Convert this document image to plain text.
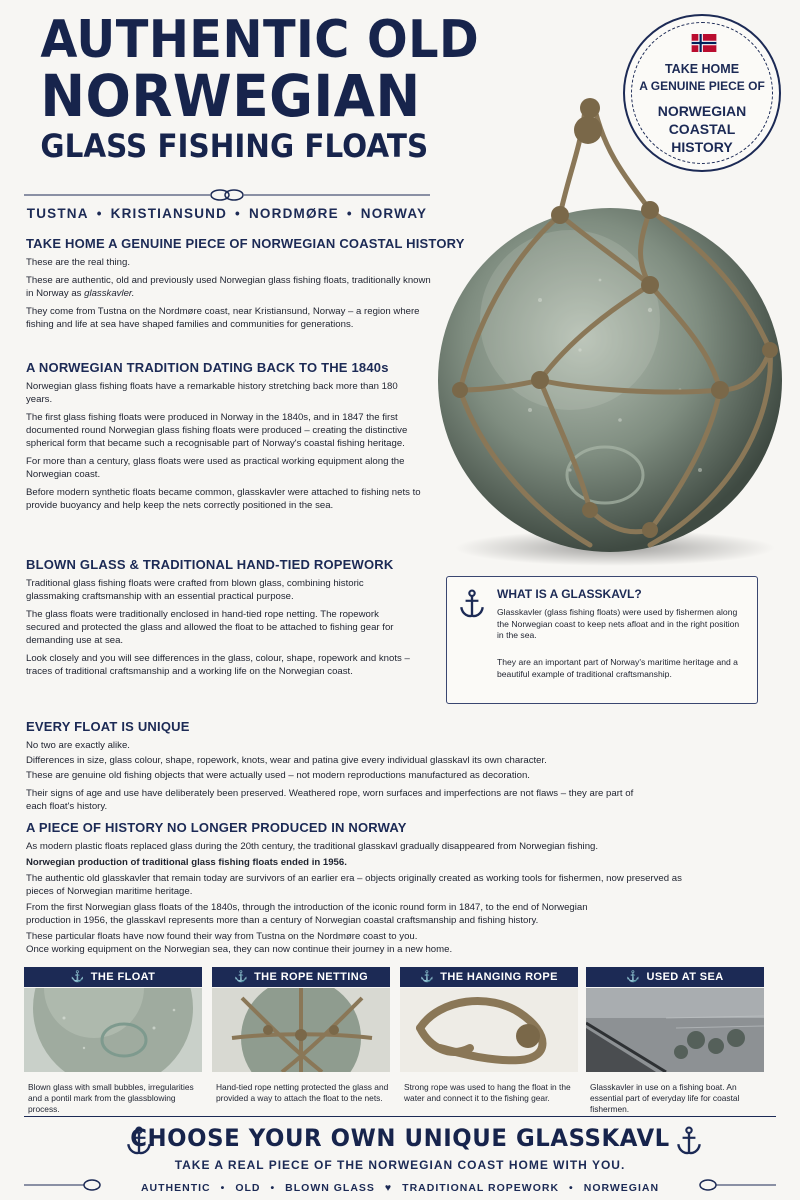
AUTHENTIC OLD
NORWEGIAN
GLASS FISHING FLOATS
TUSTNA • KRISTIANSUND • NORDMØRE • NORWAY
TAKE HOME
A GENUINE PIECE OF
NORWEGIAN
COASTAL
HISTORY
TAKE HOME A GENUINE PIECE OF NORWEGIAN COASTAL HISTORY
These are the real thing.
These are authentic, old and previously used Norwegian glass fishing floats, traditionally known in Norway as glasskavler.
They come from Tustna on the Nordmøre coast, near Kristiansund, Norway – a region where fishing and life at sea have shaped families and communities for generations.
A NORWEGIAN TRADITION DATING BACK TO THE 1840s
Norwegian glass fishing floats have a remarkable history stretching back more than 180 years.
The first glass fishing floats were produced in Norway in the 1840s, and in 1847 the first documented round Norwegian glass fishing floats were produced – creating the distinctive spherical form that became such a recognisable part of Norway's coastal fishing heritage.
For more than a century, glass floats were used as practical working equipment along the Norwegian coast.
Before modern synthetic floats became common, glasskavler were attached to fishing nets to provide buoyancy and help keep the nets correctly positioned in the sea.
BLOWN GLASS & TRADITIONAL HAND-TIED ROPEWORK
Traditional glass fishing floats were crafted from blown glass, combining historic glassmaking craftsmanship with an essential practical purpose.
The glass floats were traditionally enclosed in hand-tied rope netting. The ropework secured and protected the glass and allowed the float to be attached to fishing gear for demanding use at sea.
Look closely and you will see differences in the glass, colour, shape, ropework and knots – traces of traditional craftsmanship and a working life on the Norwegian coast.
WHAT IS A GLASSKAVL?
Glasskavler (glass fishing floats) were used by fishermen along the Norwegian coast to keep nets afloat and in the right position in the sea.
They are an important part of Norway's maritime heritage and a beautiful example of traditional craftsmanship.
EVERY FLOAT IS UNIQUE
No two are exactly alike.
Differences in size, glass colour, shape, ropework, knots, wear and patina give every individual glasskavl its own character.
These are genuine old fishing objects that were actually used – not modern reproductions manufactured as decoration.
Their signs of age and use have deliberately been preserved. Weathered rope, worn surfaces and imperfections are not flaws – they are part of each float's history.
A PIECE OF HISTORY NO LONGER PRODUCED IN NORWAY
As modern plastic floats replaced glass during the 20th century, the traditional glasskavl gradually disappeared from Norwegian fishing.
Norwegian production of traditional glass fishing floats ended in 1956.
The authentic old glasskavler that remain today are survivors of an earlier era – objects originally created as working tools for fishermen, now preserved as pieces of Norwegian maritime heritage.
From the first Norwegian glass floats of the 1840s, through the introduction of the iconic round form in 1847, to the end of Norwegian production in 1956, the glasskavl represents more than a century of Norwegian coastal craftsmanship and fishing history.
These particular floats have now found their way from Tustna on the Nordmøre coast to you.
Once working equipment on the Norwegian sea, they can now continue their journey in a new home.
⚓ THE FLOAT
Blown glass with small bubbles, irregularities and a pontil mark from the glassblowing process.
⚓ THE ROPE NETTING
Hand-tied rope netting protected the glass and provided a way to attach the float to the nets.
⚓ THE HANGING ROPE
Strong rope was used to hang the float in the water and connect it to the fishing gear.
⚓ USED AT SEA
Glasskavler in use on a fishing boat. An essential part of everyday life for coastal fishermen.
CHOOSE YOUR OWN UNIQUE GLASSKAVL
TAKE A REAL PIECE OF THE NORWEGIAN COAST HOME WITH YOU.
AUTHENTIC • OLD • BLOWN GLASS ♥ TRADITIONAL ROPEWORK • NORWEGIAN
